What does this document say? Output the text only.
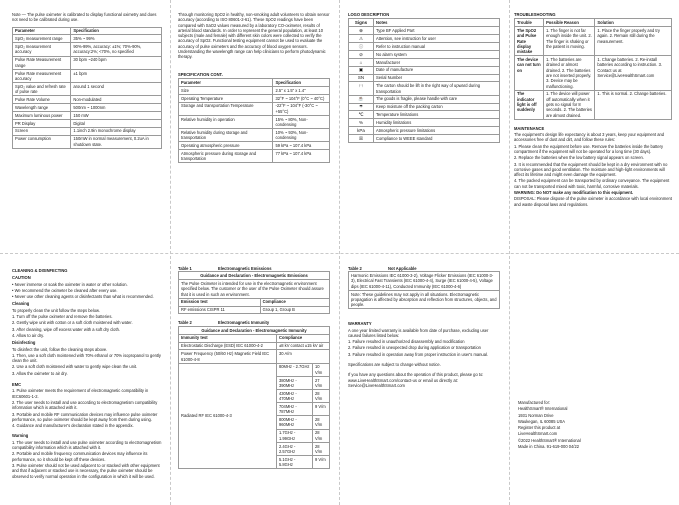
Note — The pulse oximeter is calibrated to display functional oximetry and does not need to be calibrated during use.

Parameter	Specification
SpO₂ measurement range	35% ~ 99%
SpO₂ measurement accuracy	90%-99%, accuracy: ±1%; 70%-90%, accuracy:2%; <70%, no specified
Pulse Rate Measurement range	30 bpm ~240 bpm
Pulse Rate measurement accuracy	±1 bpm
SpO₂ value and refresh rate of pulse rate	around 1 second
Pulse Rate Volume	Non-modulated
Wavelength range	500nm ~ 1000nm
Maximum luminous power	150 mW
PR Display	Digital
Screen	1.1inch 2.9in monochrome display
Power consumption	150mW in normal measurement, 0.2uA in shutdown state.

Through monitoring SpO2 in healthy, non-smoking adult volunteers to obtain sensor accuracy (according to ISO 80601-2-61). These SpO2 readings have been compared with SaO2 values measured by a laboratory CO-oximeter, results of arterial blood standards. In order to represent the general population, at least 10 subjects (male and female) with different skin colors were collected to verify the accuracy of SpO2. Functional testing equipment cannot be used to evaluate the accuracy of pulse oximeters and the accuracy of blood oxygen sensors. Understanding the wavelength range can help clinicians to perform photodynamic therapy.

SPECIFICATION CONT.
Parameter	Specification
Size	2.5" x 1.5" x 1.4"
Operating Temperature	32°F ~ 104°F (0°C ~ 40°C)
Storage and transportation Temperature	-22°F ~ 104°F (-30°C ~ +55°C)
Relative humidity in operation	15% ~ 80%, Non-condensing
Relative humidity during storage and transportation	10% ~ 93%, Non-condensing
Operating atmospheric pressure	59 kPa ~ 107.4 kPa
Atmospheric pressure during storage and transportation	77 kPa ~ 107.4 kPa
LOGO DESCRIPTION
Signs	Notes
⊕	Type BF Applied Part
⚠	Attention, see instruction for use!
ⓘ	Refer to instruction manual
⊘	No alarm system
⌂	Manufacturer
▣	Date of manufacture
SN	Serial Number
↑↑	The carton should be lift in the right way of upward during transportation
☕	The goods is fragile, please handle with care
☂	Keep moisture off the packing carton
℃	Temperature limitations
%	Humidity limitations
kPa	Atmospheric pressure limitations
☒	Compliance to WEEE standard
TROUBLESHOOTING
Trouble	Possible Reason	Solution
The SpO2 and Pulse Rate display mistake	1. The finger is not far enough inside the unit. 2. The finger is shaking or the patient is moving.	1. Place the finger properly and try again. 2. Remain still during the measurement.
The device can not turn on	1. The batteries are drained or almost drained. 2. The batteries are not inserted properly. 3. Device may be malfunctioning.	1. Change batteries. 2. Re-install batteries according to instruction. 3. Contact us at Service@LiveHealthSmart.com
The indicator light is off suddenly	1. The device will power off automatically when it gets no signal for 8 seconds. 2. The batteries are almost drained.	1. This is normal. 2. Change batteries.
MAINTENANCE

The equipment's design life expectancy is about 3 years, keep your equipment and accessories free of dust and dirt, and follow these rules:

1. Please clean the equipment before use. Remove the batteries inside the battery compartment if the equipment will not be operated for a long time (30 days).

2. Replace the batteries when the low battery signal appears on screen.

3. It is recommended that the equipment should be kept in a dry environment with no corrosive gases and good ventilation. The moisture and high-light environments will affect its lifetime and might even damage the equipment.

4. The packed equipment can be transported by ordinary conveyance. The equipment can not be transported mixed with toxic, harmful, corrosive materials.

WARNING: Do NOT make any modification to this equipment.

DISPOSAL: Please dispose of the pulse oximeter in accordance with local environment and waste disposal laws and regulations.

CLEANING & DISINFECTING
CAUTION

• Never immerse or soak the oximeter in water or other solution.

• We recommend the oximeter be cleaned after every use.

• Never use other cleaning agents or disinfectants than what is recommended.

Cleaning

To properly clean the unit follow the steps below.

1. Turn off the pulse oximeter and remove the batteries.

2. Gently wipe unit with cotton or a soft cloth moistened with water.

3. After cleaning, wipe off excess water with a soft dry cloth.

4. Allow to air dry.

Disinfecting

To disinfect the unit, follow the cleaning steps above.

1. Then, use a soft cloth moistened with 70% ethanol or 70% isopropanol to gently clean the unit.

2. Use a soft cloth moistened with water to gently wipe clean the unit.

3. Allow the oximeter to air dry.

EMC

1. Pulse oximeter meets the requirement of electromagnetic compatibility in IEC60601-1-2.

2. The user needs to install and use according to electromagnetism compatibility information which is attached with it.

3. Portable and mobile RF communication devices may influence pulse oximeter performance, so pulse oximeter should be kept away from them during using.

4. Guidance and manufacturer's declaration stated in the appendix.

Warning

1. The user needs to install and use pulse oximeter according to electromagnetism compatibility information which is attached with it.

2. Portable and mobile frequency communication devices may influence its performance, so it should be kept off these devices.

3. Pulse oximeter should not be used adjacent to or stacked with other equipment and that if adjacent or stacked use is necessary, the pulse oximeter should be observed to verify normal operation in the configuration in which it will be used.

Table 1	Electromagnetic Emissions
Guidance and Declaration - Electromagnetic Emissions	
The Pulse Oximeter is intended for use in the electromagnetic environment specified below. The customer or the user of the Pulse Oximeter should assure that it is used in such an environment.	
Emission test	Compliance
RF emissions CISPR 11	Group 1, Group B
Table 2	Electromagnetic Immunity
Guidance and Declaration - Electromagnetic Immunity		
Immunity test	Compliance	
Electrostatic Discharge (ESD) IEC 61000-4-2	±8 kV contact ±15 kV air	
Power Frequency (50/60 Hz) Magnetic Field IEC 61000-4-8	30 A/m	
Radiated RF IEC 61000-4-3	80MHz - 2.7GHz	10 V/m
	380MHz - 390MHz	27 V/m
	430MHz - 470MHz	28 V/m
	704MHz - 787MHz	9 V/m
	800MHz - 960MHz	28 V/m
	1.7GHz - 1.99GHz	28 V/m
	2.4GHz - 2.57GHz	28 V/m
	5.1GHz - 5.8GHz	9 V/m
Table 2	Not Applicable
Harmonic Emissions IEC 61000-3-2), Voltage Flicker Emissions (IEC 61000-3-3), Electrical Fast Transients (IEC 61000-4-4), Surge (IEC 61000-4-5), Voltage dips (IEC 61000-4-11), Conducted Immunity (IEC 61000-4-6)
Note: These guidelines may not apply in all situations. Electromagnetic propagation is affected by absorption and reflection from structures, objects, and people.
WARRANTY

A one year limited warranty is available from date of purchase, excluding user caused failures listed below:

1. Failure resulted in unauthorized disassembly and modification

2. Failure resulted in unexpected drop during application or transportation

3. Failure resulted in operation away from proper instruction in user's manual.

Specifications are subject to change without notice.

If you have any questions about the operation of this product, please go to: www.LiveHealthSmart.com/contact-us or email us directly at: Service@LiveHealthSmart.com

Manufactured for:

HealthSmart® International

1931 Norman Drive

Waukegan, IL 60085 USA

Register this product at

LiveHealthSmart.com

©2022 HealthSmart® International

Made in China. 91-619-000 04/22
